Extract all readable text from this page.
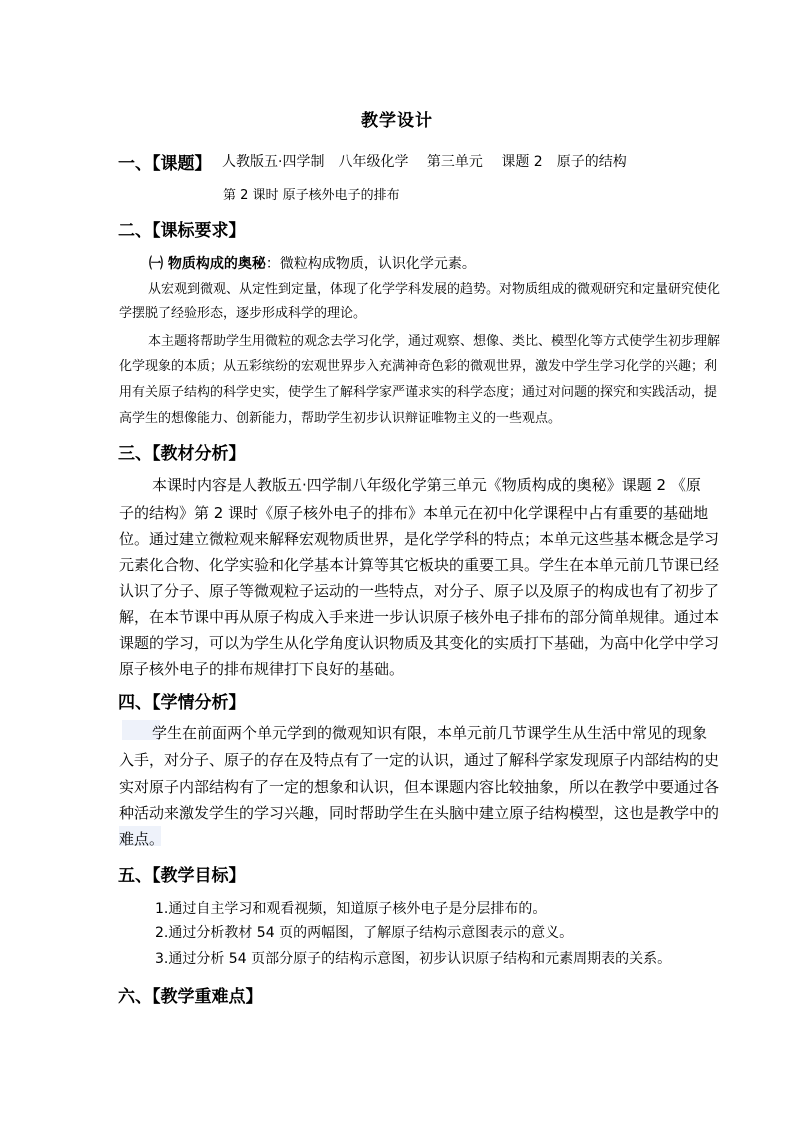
教学设计
一、【课题】 人教版五·四学制　八年级化学　 第三单元　 课题 2　原子的结构
第 2 课时 原子核外电子的排布
二、【课标要求】
㈠ 物质构成的奥秘：微粒构成物质，认识化学元素。
从宏观到微观、从定性到定量，体现了化学学科发展的趋势。对物质组成的微观研究和定量研究使化
学摆脱了经验形态，逐步形成科学的理论。
本主题将帮助学生用微粒的观念去学习化学，通过观察、想像、类比、模型化等方式使学生初步理解
化学现象的本质；从五彩缤纷的宏观世界步入充满神奇色彩的微观世界，激发中学生学习化学的兴趣；利
用有关原子结构的科学史实，使学生了解科学家严谨求实的科学态度；通过对问题的探究和实践活动，提
高学生的想像能力、创新能力，帮助学生初步认识辩证唯物主义的一些观点。
三、【教材分析】
本课时内容是人教版五·四学制八年级化学第三单元《物质构成的奥秘》课题 2 《原
子的结构》第 2 课时《原子核外电子的排布》本单元在初中化学课程中占有重要的基础地
位。通过建立微粒观来解释宏观物质世界，是化学学科的特点；本单元这些基本概念是学习
元素化合物、化学实验和化学基本计算等其它板块的重要工具。学生在本单元前几节课已经
认识了分子、原子等微观粒子运动的一些特点，对分子、原子以及原子的构成也有了初步了
解，在本节课中再从原子构成入手来进一步认识原子核外电子排布的部分简单规律。通过本
课题的学习，可以为学生从化学角度认识物质及其变化的实质打下基础，为高中化学中学习
原子核外电子的排布规律打下良好的基础。
四、【学情分析】
学生在前面两个单元学到的微观知识有限，本单元前几节课学生从生活中常见的现象
入手，对分子、原子的存在及特点有了一定的认识，通过了解科学家发现原子内部结构的史
实对原子内部结构有了一定的想象和认识，但本课题内容比较抽象，所以在教学中要通过各
种活动来激发学生的学习兴趣，同时帮助学生在头脑中建立原子结构模型，这也是教学中的
难点。
五、【教学目标】
1.通过自主学习和观看视频，知道原子核外电子是分层排布的。
2.通过分析教材 54 页的两幅图，了解原子结构示意图表示的意义。
3.通过分析 54 页部分原子的结构示意图，初步认识原子结构和元素周期表的关系。
六、【教学重难点】
